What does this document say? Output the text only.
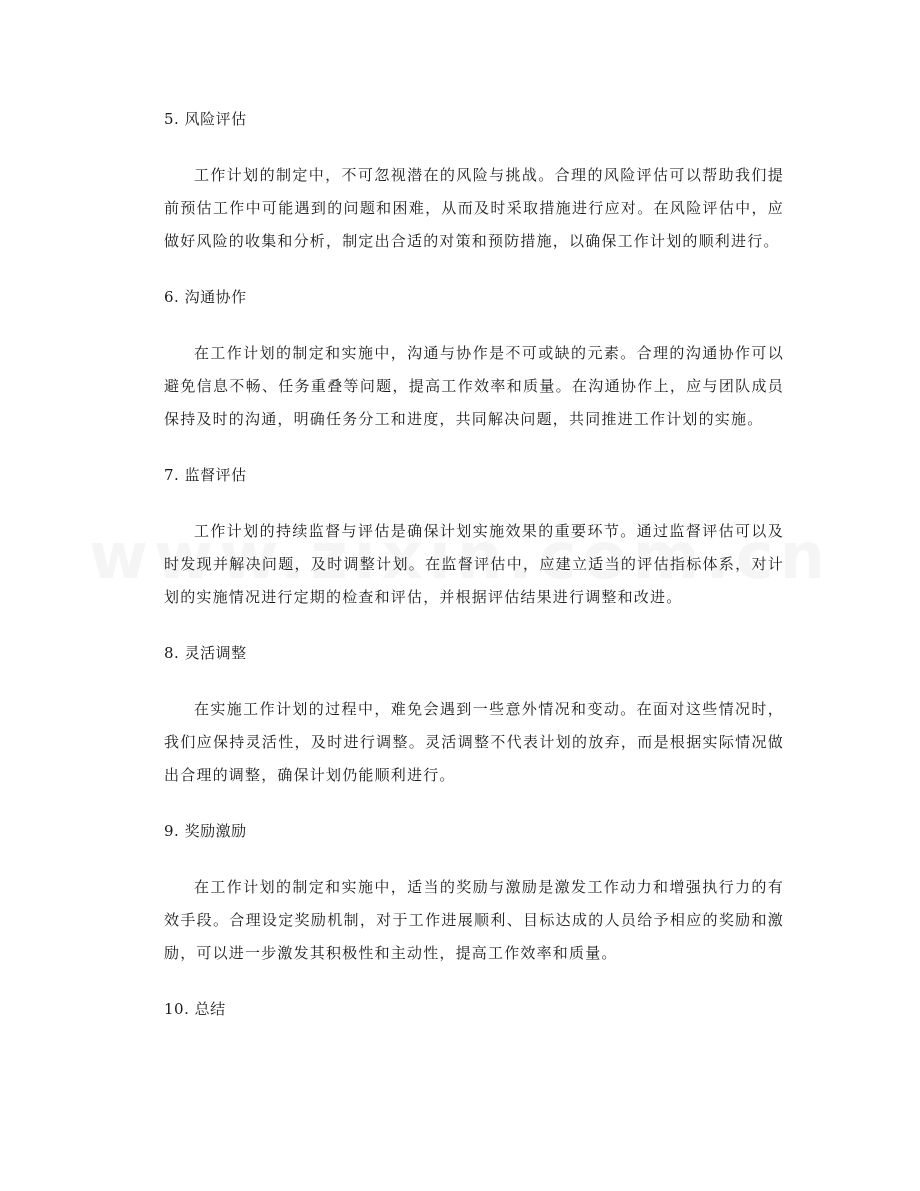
5. 风险评估

工作计划的制定中，不可忽视潜在的风险与挑战。合理的风险评估可以帮助我们提前预估工作中可能遇到的问题和困难，从而及时采取措施进行应对。在风险评估中，应做好风险的收集和分析，制定出合适的对策和预防措施，以确保工作计划的顺利进行。

6. 沟通协作

在工作计划的制定和实施中，沟通与协作是不可或缺的元素。合理的沟通协作可以避免信息不畅、任务重叠等问题，提高工作效率和质量。在沟通协作上，应与团队成员保持及时的沟通，明确任务分工和进度，共同解决问题，共同推进工作计划的实施。

7. 监督评估

工作计划的持续监督与评估是确保计划实施效果的重要环节。通过监督评估可以及时发现并解决问题，及时调整计划。在监督评估中，应建立适当的评估指标体系，对计划的实施情况进行定期的检查和评估，并根据评估结果进行调整和改进。

8. 灵活调整

在实施工作计划的过程中，难免会遇到一些意外情况和变动。在面对这些情况时，我们应保持灵活性，及时进行调整。灵活调整不代表计划的放弃，而是根据实际情况做出合理的调整，确保计划仍能顺利进行。

9. 奖励激励

在工作计划的制定和实施中，适当的奖励与激励是激发工作动力和增强执行力的有效手段。合理设定奖励机制，对于工作进展顺利、目标达成的人员给予相应的奖励和激励，可以进一步激发其积极性和主动性，提高工作效率和质量。

10. 总结
